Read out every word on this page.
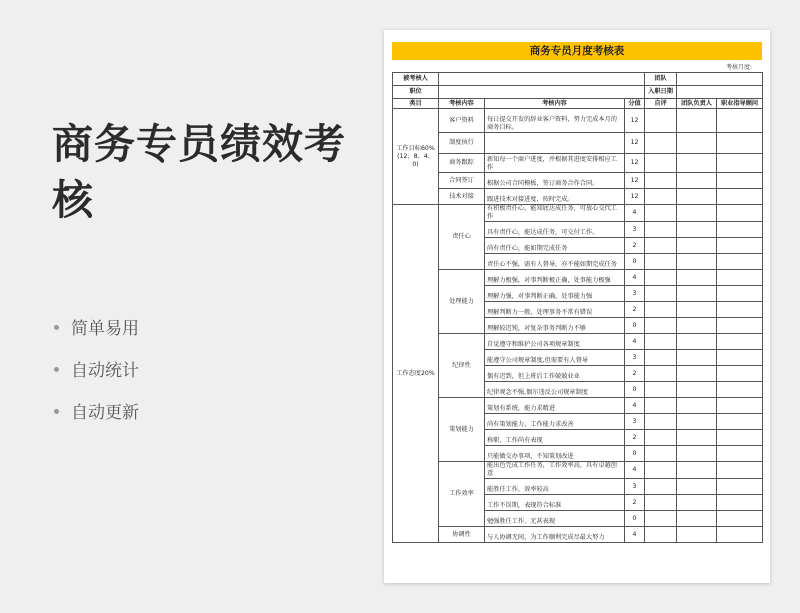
商务专员绩效考核
简单易用
自动统计
自动更新
商务专员月度考核表
考核月度:
被考核人				团队		
职位				入职日期		
类目	考核内容	考核内容	分值	自评	团队负责人	职业指导顾问
工作目标60%(12、8、4、0)	客户资料	每日提交开发的辞业客户资料，努力完成本月的商务目标。	12			
	制度执行		12			
	商务跟踪	新知每一个商户进度，并根据其进度安排相应工作	12			
	合同签订	根据公司合同模板，签订商务合作合同。	12			
	技术对接	跟进技术对接进度，按时完成。	12			
工作态度20%	责任心	有积极责任心，能知底达成任务，可放心交代工作	4			
		具有责任心，能达成任务，可交付工作。	3			
		尚有责任心，能如期完成任务	2			
		责任心不强，需有人督导，亦不能如期完成任务	0			
	处理能力	理解力极强，对事判断极正确，处事能力极强	4			
		理解力强，对事判断正确，处事能力强	3			
		理解判断力一般，处理事务不常有错误	2			
		理解较迟钝，对复杂事务判断力不够	0			
	纪律性	自觉遵守和维护公司各项规章制度	4			
		能遵守公司规章制度,但需要有人督导	3			
		偶有迟到，但上班后工作兢兢业业	2			
		纪律观念不强,偶尔违反公司规章制度	0			
	策划能力	策划有系统，能力求精进	4			
		尚有策划能力，工作能力求改善	3			
		称职，工作尚有表现	2			
		只能做交办事项，不知策划改进	0			
	工作效率	能出色完成工作任务，工作效率高，具有卓越创意	4			
		能胜任工作，效率较高	3			
		工作不误期，表现符合标准	2			
		勉强胜任工作，无甚表现	0			
	协调性	与人协调无间，为工作顺利完成尽最大努力	4			
